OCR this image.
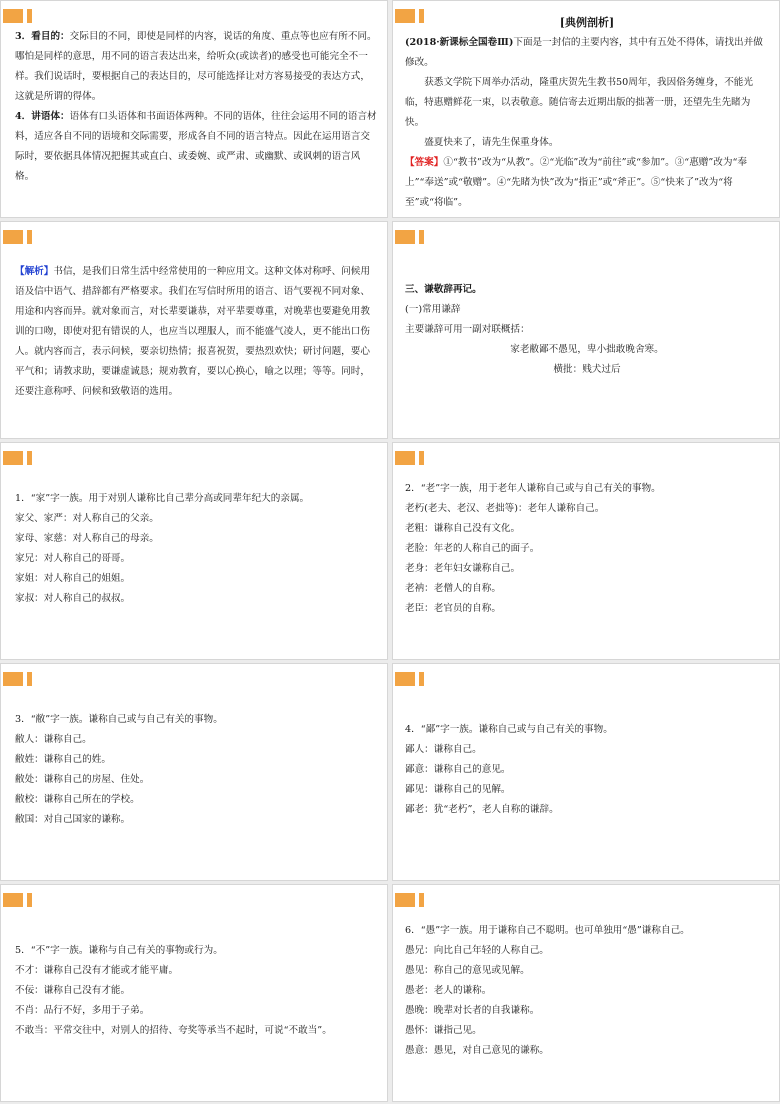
3．看目的：交际目的不同，即使是同样的内容，说话的角度、重点等也应有所不同。哪怕是同样的意思，用不同的语言表达出来，给听众(或读者)的感受也可能完全不一样。我们说话时，要根据自己的表达目的，尽可能选择让对方容易接受的表达方式，这就是所谓的得体。

4．讲语体：语体有口头语体和书面语体两种。不同的语体，往往会运用不同的语言材料，适应各自不同的语境和交际需要，形成各自不同的语言特点。因此在运用语言交际时，要依据具体情况把握其或直白、或委婉、或严肃、或幽默、或讽刺的语言风格。

[典例剖析]

(2018·新课标全国卷Ⅲ)下面是一封信的主要内容，其中有五处不得体，请找出并做修改。

获悉文学院下周举办活动，隆重庆贺先生教书50周年，我因俗务缠身，不能光临，特惠赠鲜花一束，以表敬意。随信寄去近期出版的拙著一册，还望先生先睹为快。

盛夏快来了，请先生保重身体。

【答案】①“教书”改为“从教”。②“光临”改为“前往”或“参加”。③“惠赠”改为“奉上”“奉送”或“敬赠”。④“先睹为快”改为“指正”或“斧正”。⑤“快来了”改为“将至”或“将临”。

【解析】书信，是我们日常生活中经常使用的一种应用文。这种文体对称呼、问候用语及信中语气、措辞都有严格要求。我们在写信时所用的语言、语气要视不同对象、用途和内容而异。就对象而言，对长辈要谦恭，对平辈要尊重，对晚辈也要避免用教训的口吻，即使对犯有错误的人，也应当以理服人，而不能盛气凌人，更不能出口伤人。就内容而言，表示问候，要亲切热情；报喜祝贺，要热烈欢快；研讨问题，要心平气和；请教求助，要谦虚诚恳；规劝教育，要以心换心，喻之以理；等等。同时，还要注意称呼、问候和致敬语的选用。

三、谦敬辞再记。

(一)常用谦辞

主要谦辞可用一副对联概括：

家老敝鄙不愚见，卑小拙敢晚舍寒。

横批：贱犬过后

1．“家”字一族。用于对别人谦称比自己辈分高或同辈年纪大的亲属。

家父、家严：对人称自己的父亲。

家母、家慈：对人称自己的母亲。

家兄：对人称自己的哥哥。

家姐：对人称自己的姐姐。

家叔：对人称自己的叔叔。

2．“老”字一族，用于老年人谦称自己或与自己有关的事物。

老朽(老夫、老汉、老拙等)：老年人谦称自己。

老粗：谦称自己没有文化。

老脸：年老的人称自己的面子。

老身：老年妇女谦称自己。

老衲：老僧人的自称。

老臣：老官员的自称。

3．“敝”字一族。谦称自己或与自己有关的事物。

敝人：谦称自己。

敝姓：谦称自己的姓。

敝处：谦称自己的房屋、住处。

敝校：谦称自己所在的学校。

敝国：对自己国家的谦称。

4．“鄙”字一族。谦称自己或与自己有关的事物。

鄙人：谦称自己。

鄙意：谦称自己的意见。

鄙见：谦称自己的见解。

鄙老：犹“老朽”，老人自称的谦辞。

5．“不”字一族。谦称与自己有关的事物或行为。

不才：谦称自己没有才能或才能平庸。

不佞：谦称自己没有才能。

不肖：品行不好，多用于子弟。

不敢当：平常交往中，对别人的招待、夸奖等承当不起时，可说“不敢当”。

6．“愚”字一族。用于谦称自己不聪明。也可单独用“愚”谦称自己。

愚兄：向比自己年轻的人称自己。

愚见：称自己的意见或见解。

愚老：老人的谦称。

愚晚：晚辈对长者的自我谦称。

愚怀：谦指己见。

愚意：愚见，对自己意见的谦称。
